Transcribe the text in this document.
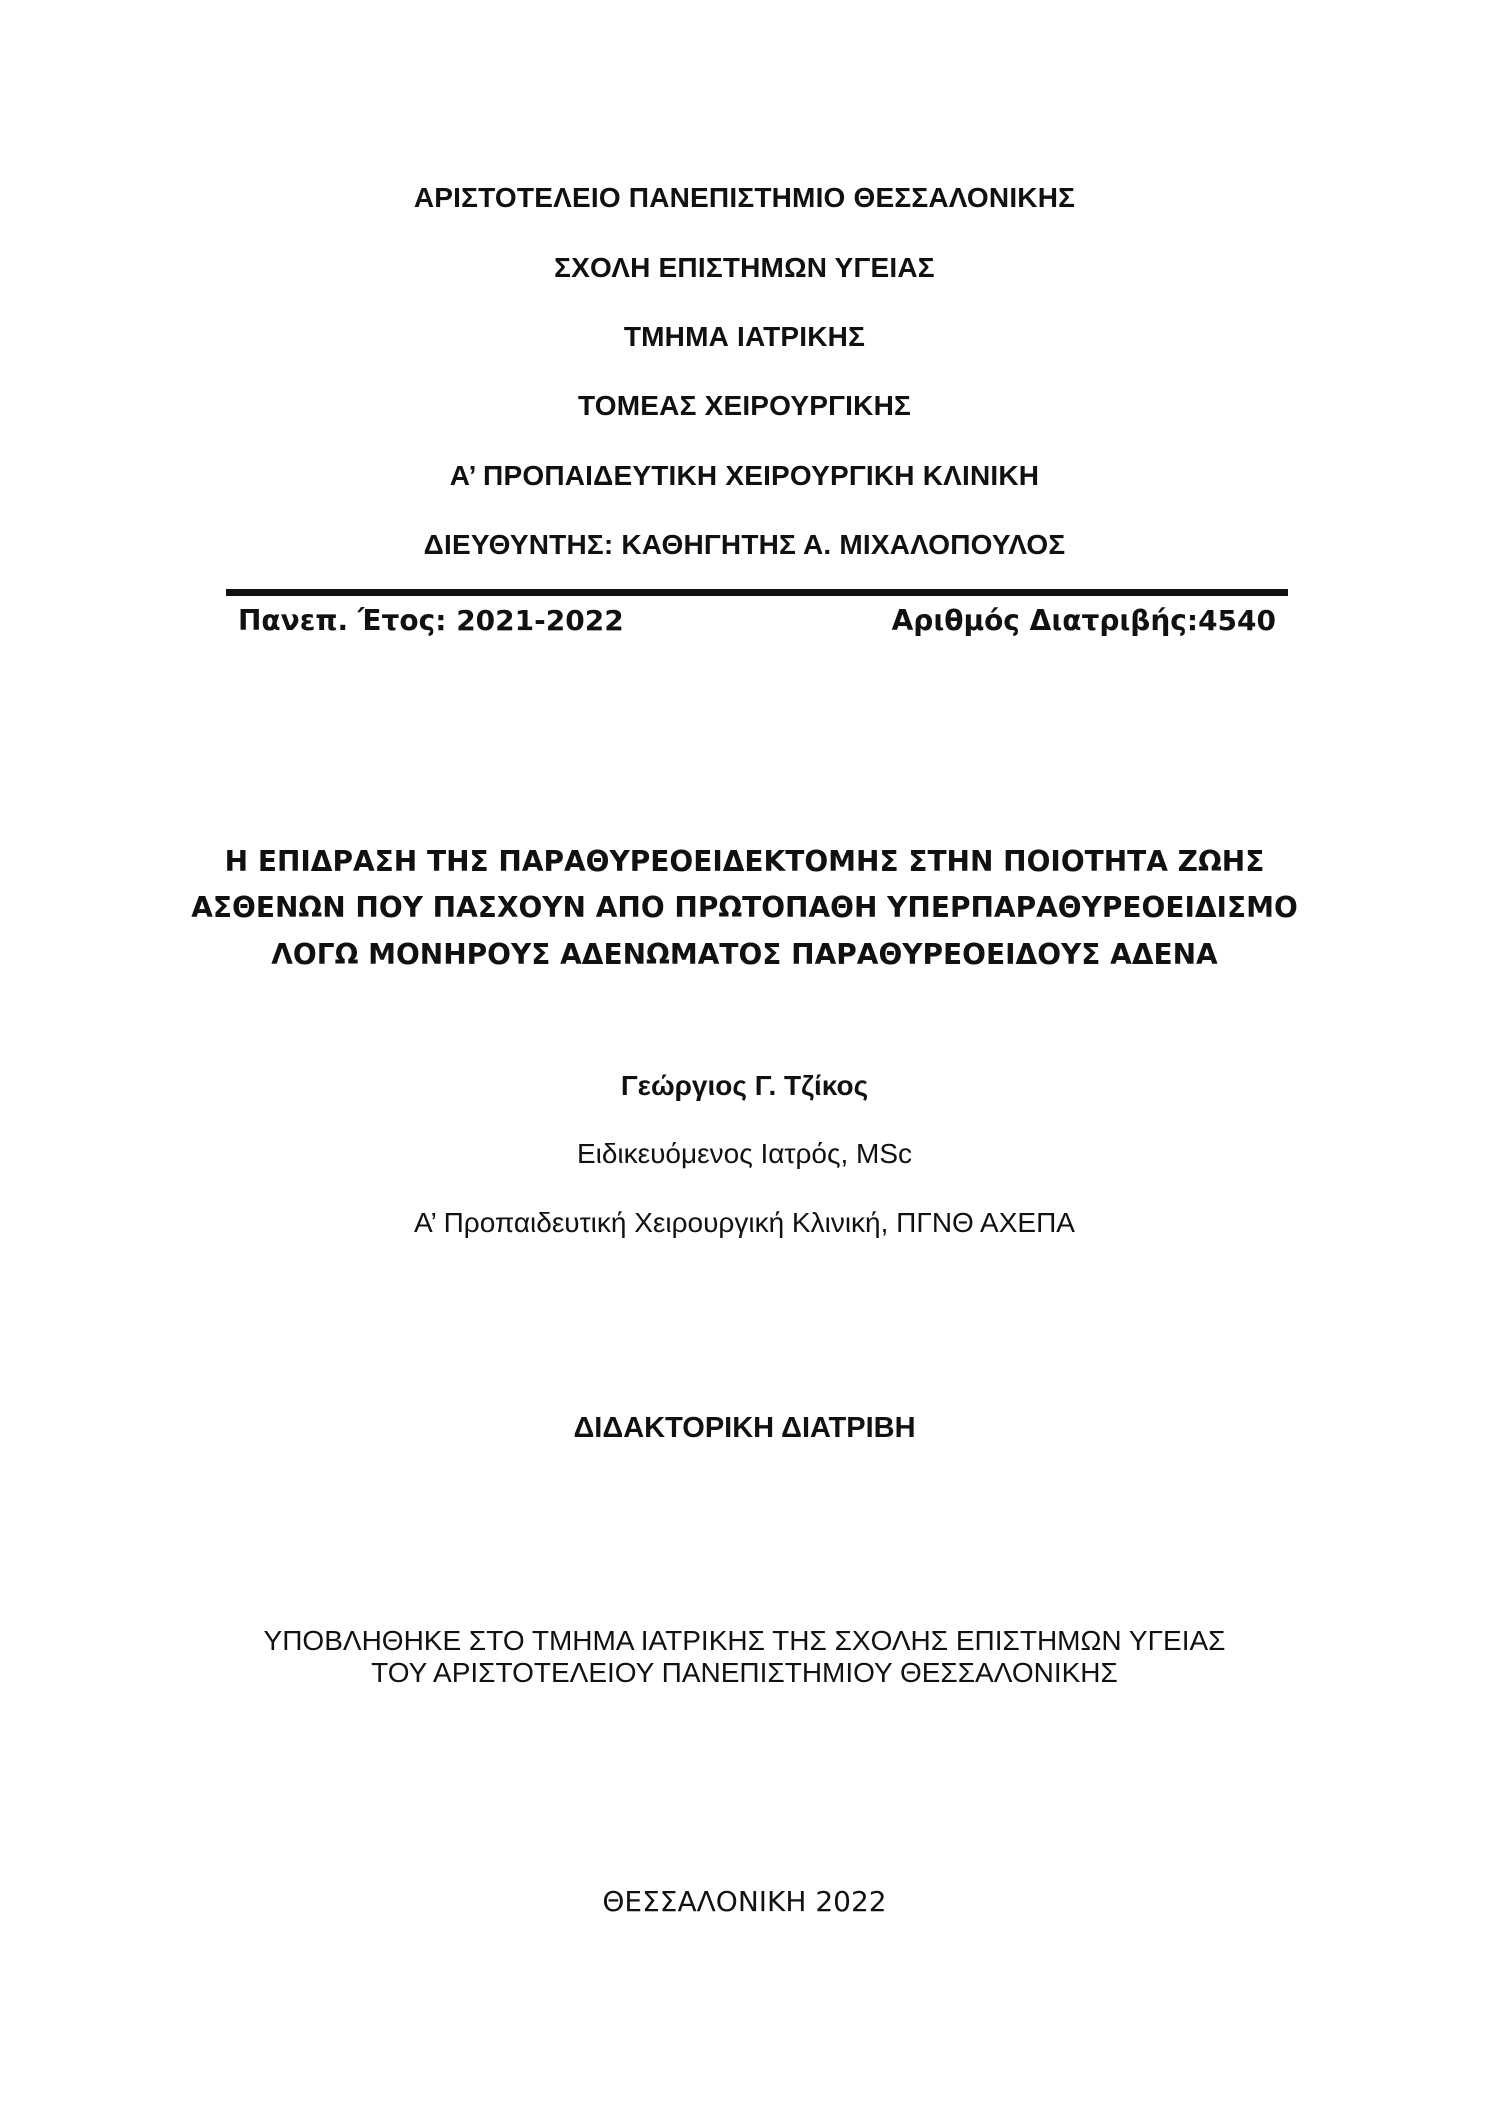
ΑΡΙΣΤΟΤΕΛΕΙΟ ΠΑΝΕΠΙΣΤΗΜΙΟ ΘΕΣΣΑΛΟΝΙΚΗΣ
ΣΧΟΛΗ ΕΠΙΣΤΗΜΩΝ ΥΓΕΙΑΣ
ΤΜΗΜΑ ΙΑΤΡΙΚΗΣ
ΤΟΜΕΑΣ ΧΕΙΡΟΥΡΓΙΚΗΣ
Α’ ΠΡΟΠΑΙΔΕΥΤΙΚΗ ΧΕΙΡΟΥΡΓΙΚΗ ΚΛΙΝΙΚΗ
ΔΙΕΥΘΥΝΤΗΣ: ΚΑΘΗΓΗΤΗΣ Α. ΜΙΧΑΛΟΠΟΥΛΟΣ
Πανεπ. Έτος: 2021-2022	Αριθμός Διατριβής:4540
Η ΕΠΙΔΡΑΣΗ ΤΗΣ ΠΑΡΑΘΥΡΕΟΕΙΔΕΚΤΟΜΗΣ ΣΤΗΝ ΠΟΙΟΤΗΤΑ ΖΩΗΣ
ΑΣΘΕΝΩΝ ΠΟΥ ΠΑΣΧΟΥΝ ΑΠΟ ΠΡΩΤΟΠΑΘΗ ΥΠΕΡΠΑΡΑΘΥΡΕΟΕΙΔΙΣΜΟ
ΛΟΓΩ ΜΟΝΗΡΟΥΣ ΑΔΕΝΩΜΑΤΟΣ ΠΑΡΑΘΥΡΕΟΕΙΔΟΥΣ ΑΔΕΝΑ
Γεώργιος Γ. Τζίκος
Ειδικευόμενος Ιατρός, MSc
Α’ Προπαιδευτική Χειρουργική Κλινική, ΠΓΝΘ ΑΧΕΠΑ
ΔΙΔΑΚΤΟΡΙΚΗ ΔΙΑΤΡΙΒΗ
ΥΠΟΒΛΗΘΗΚΕ ΣΤΟ ΤΜΗΜΑ ΙΑΤΡΙΚΗΣ ΤΗΣ ΣΧΟΛΗΣ ΕΠΙΣΤΗΜΩΝ ΥΓΕΙΑΣ
ΤΟΥ ΑΡΙΣΤΟΤΕΛΕΙΟΥ ΠΑΝΕΠΙΣΤΗΜΙΟΥ ΘΕΣΣΑΛΟΝΙΚΗΣ
ΘΕΣΣΑΛΟΝΙΚΗ 2022
